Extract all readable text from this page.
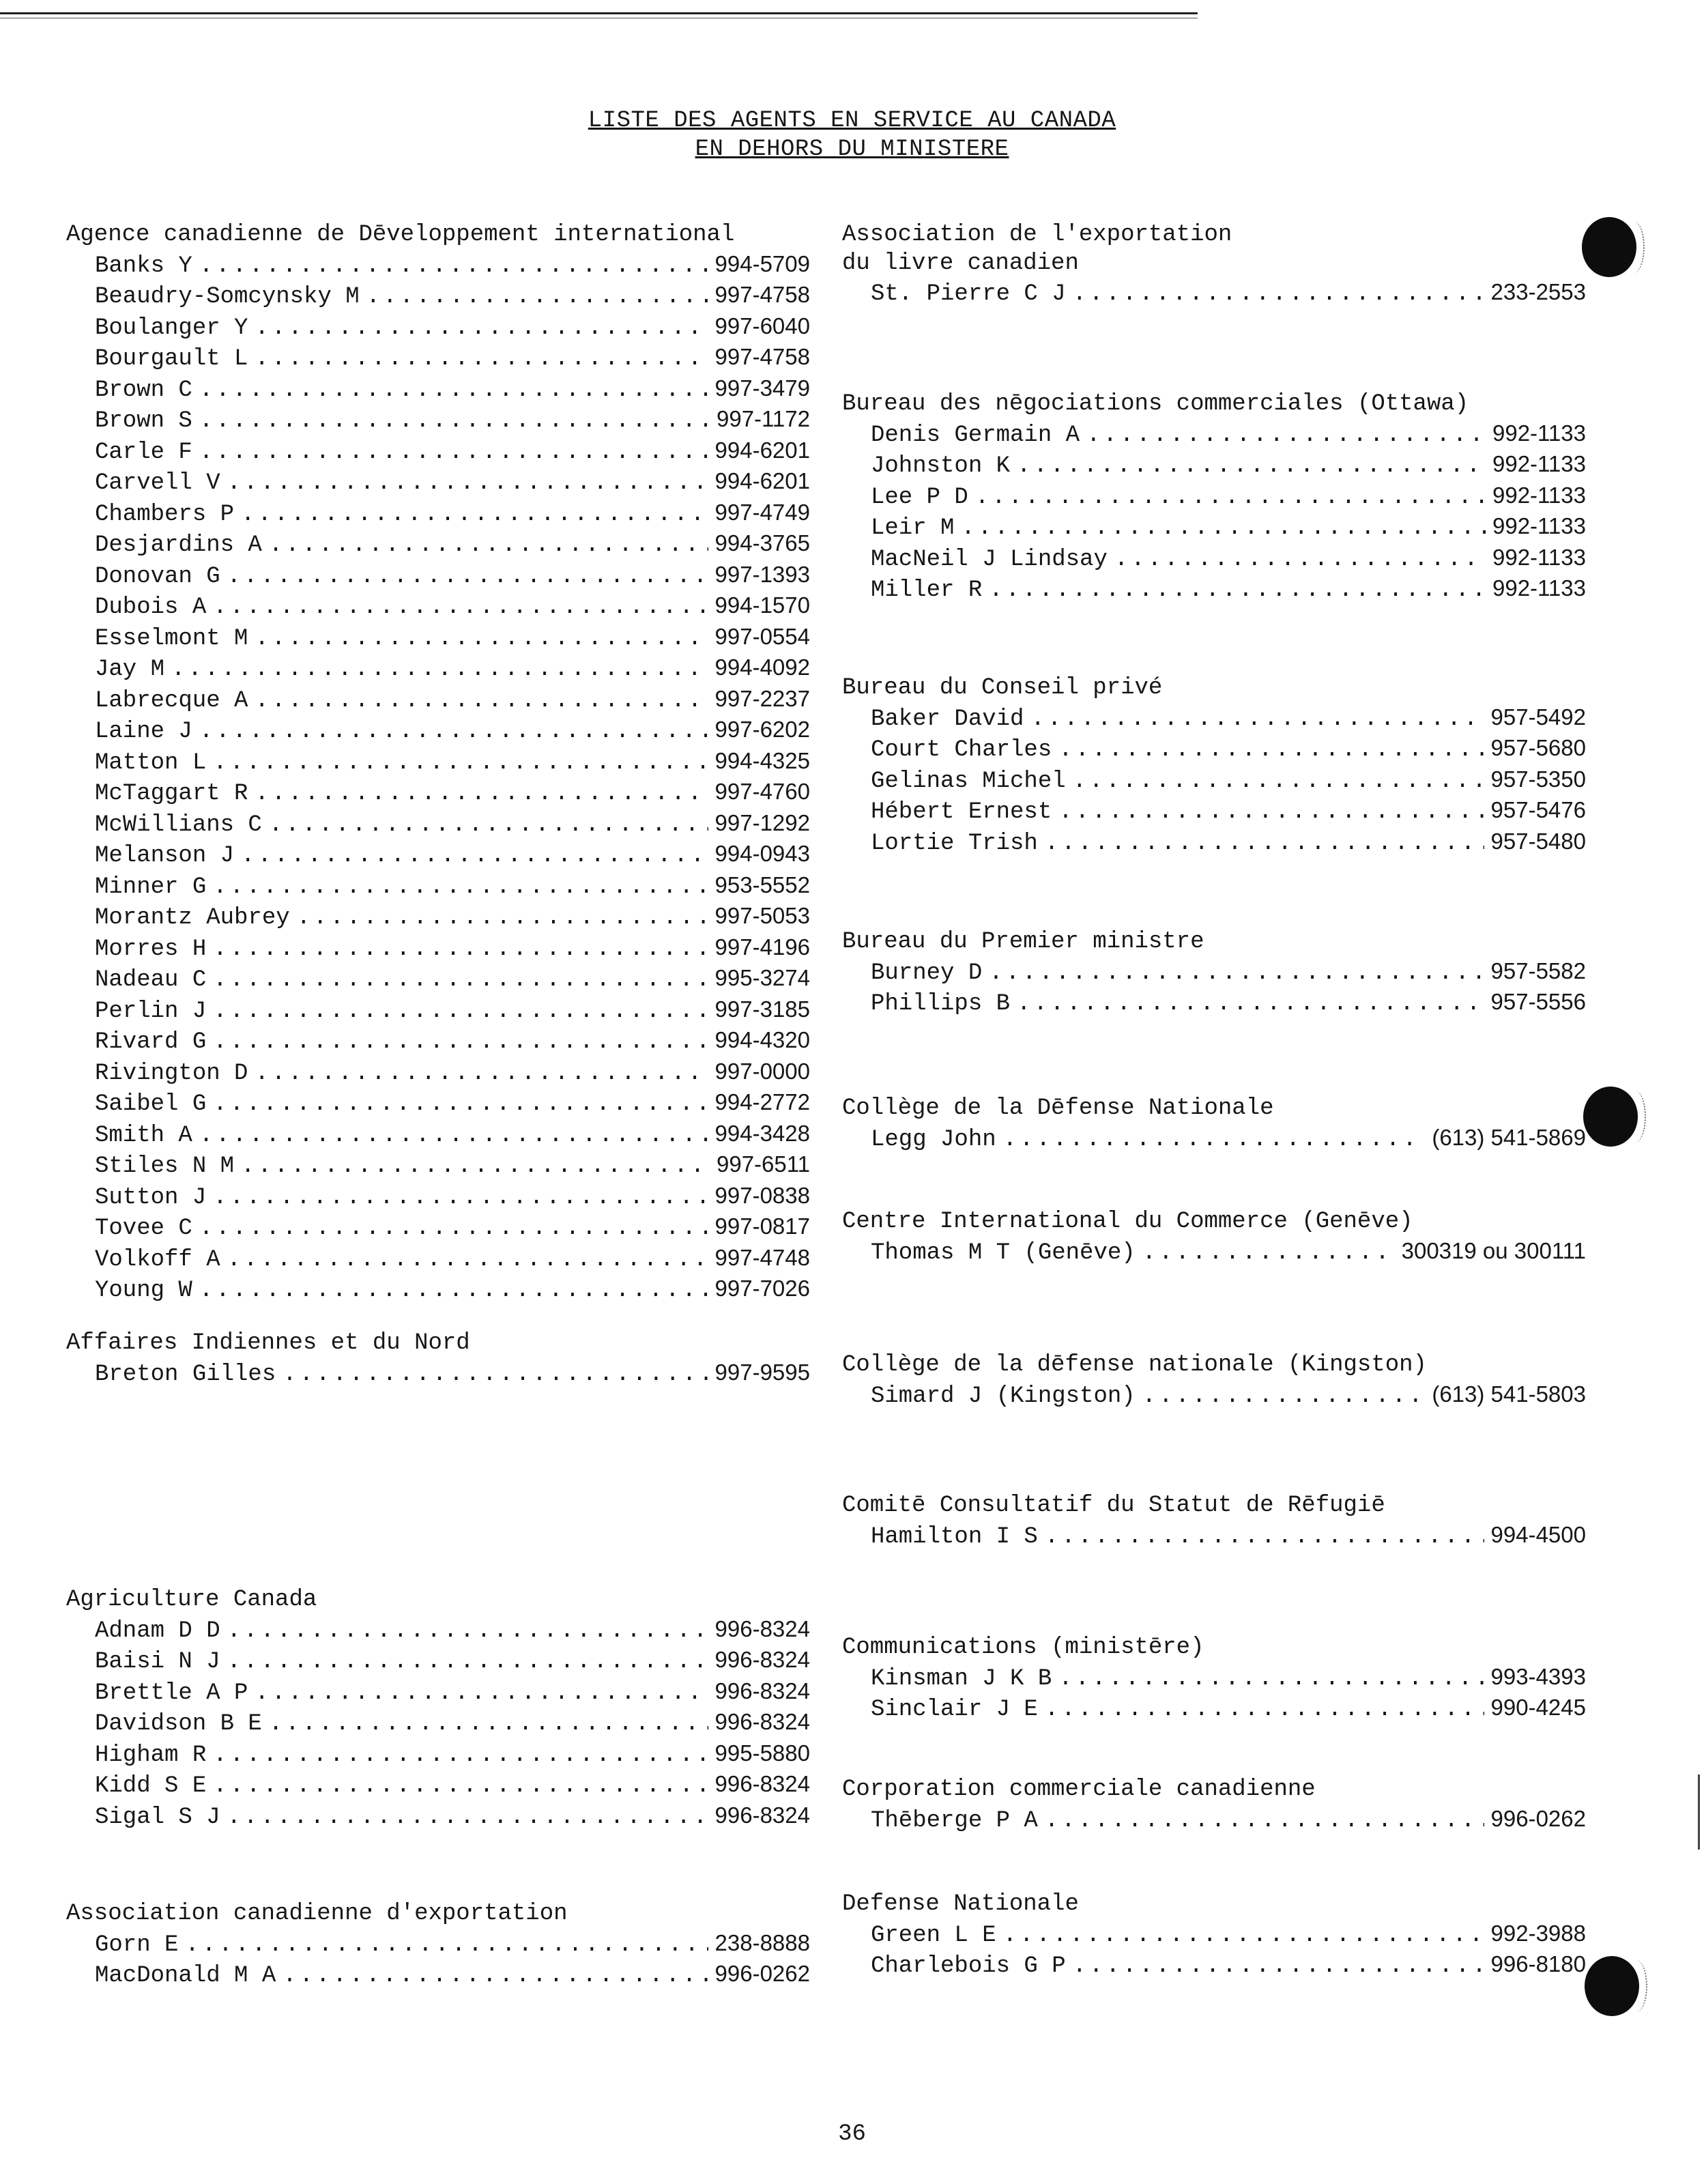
LISTE DES AGENTS EN SERVICE AU CANADA
EN DEHORS DU MINISTERE
Agence canadienne de Dēveloppement international
Banks Y .....	994-5709
Beaudry-Somcynsky M .....	997-4758
Boulanger Y .....	997-6040
Bourgault L .....	997-4758
Brown C .....	997-3479
Brown S .....	997-1172
Carle F .....	994-6201
Carvell V .....	994-6201
Chambers P .....	997-4749
Desjardins A .....	994-3765
Donovan G .....	997-1393
Dubois A .....	994-1570
Esselmont M .....	997-0554
Jay M .....	994-4092
Labrecque A .....	997-2237
Laine J .....	997-6202
Matton L .....	994-4325
McTaggart R .....	997-4760
McWillians C .....	997-1292
Melanson J .....	994-0943
Minner G .....	953-5552
Morantz Aubrey .....	997-5053
Morres H .....	997-4196
Nadeau C .....	995-3274
Perlin J .....	997-3185
Rivard G .....	994-4320
Rivington D .....	997-0000
Saibel G .....	994-2772
Smith A .....	994-3428
Stiles N M .....	997-6511
Sutton J .....	997-0838
Tovee C .....	997-0817
Volkoff A .....	997-4748
Young W .....	997-7026
Affaires Indiennes et du Nord
Breton Gilles .....	997-9595
Agriculture Canada
Adnam D D .....	996-8324
Baisi N J .....	996-8324
Brettle A P .....	996-8324
Davidson B E .....	996-8324
Higham R .....	995-5880
Kidd S E .....	996-8324
Sigal S J .....	996-8324
Association canadienne d'exportation
Gorn E .....	238-8888
MacDonald M A .....	996-0262
Association de l'exportation
du livre canadien
St. Pierre C J .....	233-2553
Bureau des nēgociations commerciales (Ottawa)
Denis Germain A .....	992-1133
Johnston K .....	992-1133
Lee P D .....	992-1133
Leir M .....	992-1133
MacNeil J Lindsay .....	992-1133
Miller R .....	992-1133
Bureau du Conseil privé
Baker David .....	957-5492
Court Charles .....	957-5680
Gelinas Michel .....	957-5350
Hébert Ernest .....	957-5476
Lortie Trish .....	957-5480
Bureau du Premier ministre
Burney D .....	957-5582
Phillips B .....	957-5556
Collège de la Dēfense Nationale
Legg John .....	(613) 541-5869
Centre International du Commerce (Genēve)
Thomas M T (Genēve) .....	300319 ou 300111
Collège de la dēfense nationale (Kingston)
Simard J (Kingston) .....	(613) 541-5803
Comitē Consultatif du Statut de Rēfugiē
Hamilton I S .....	994-4500
Communications (ministēre)
Kinsman J K B .....	993-4393
Sinclair J E .....	990-4245
Corporation commerciale canadienne
Thēberge P A .....	996-0262
Defense Nationale
Green L E .....	992-3988
Charlebois G P .....	996-8180
36
